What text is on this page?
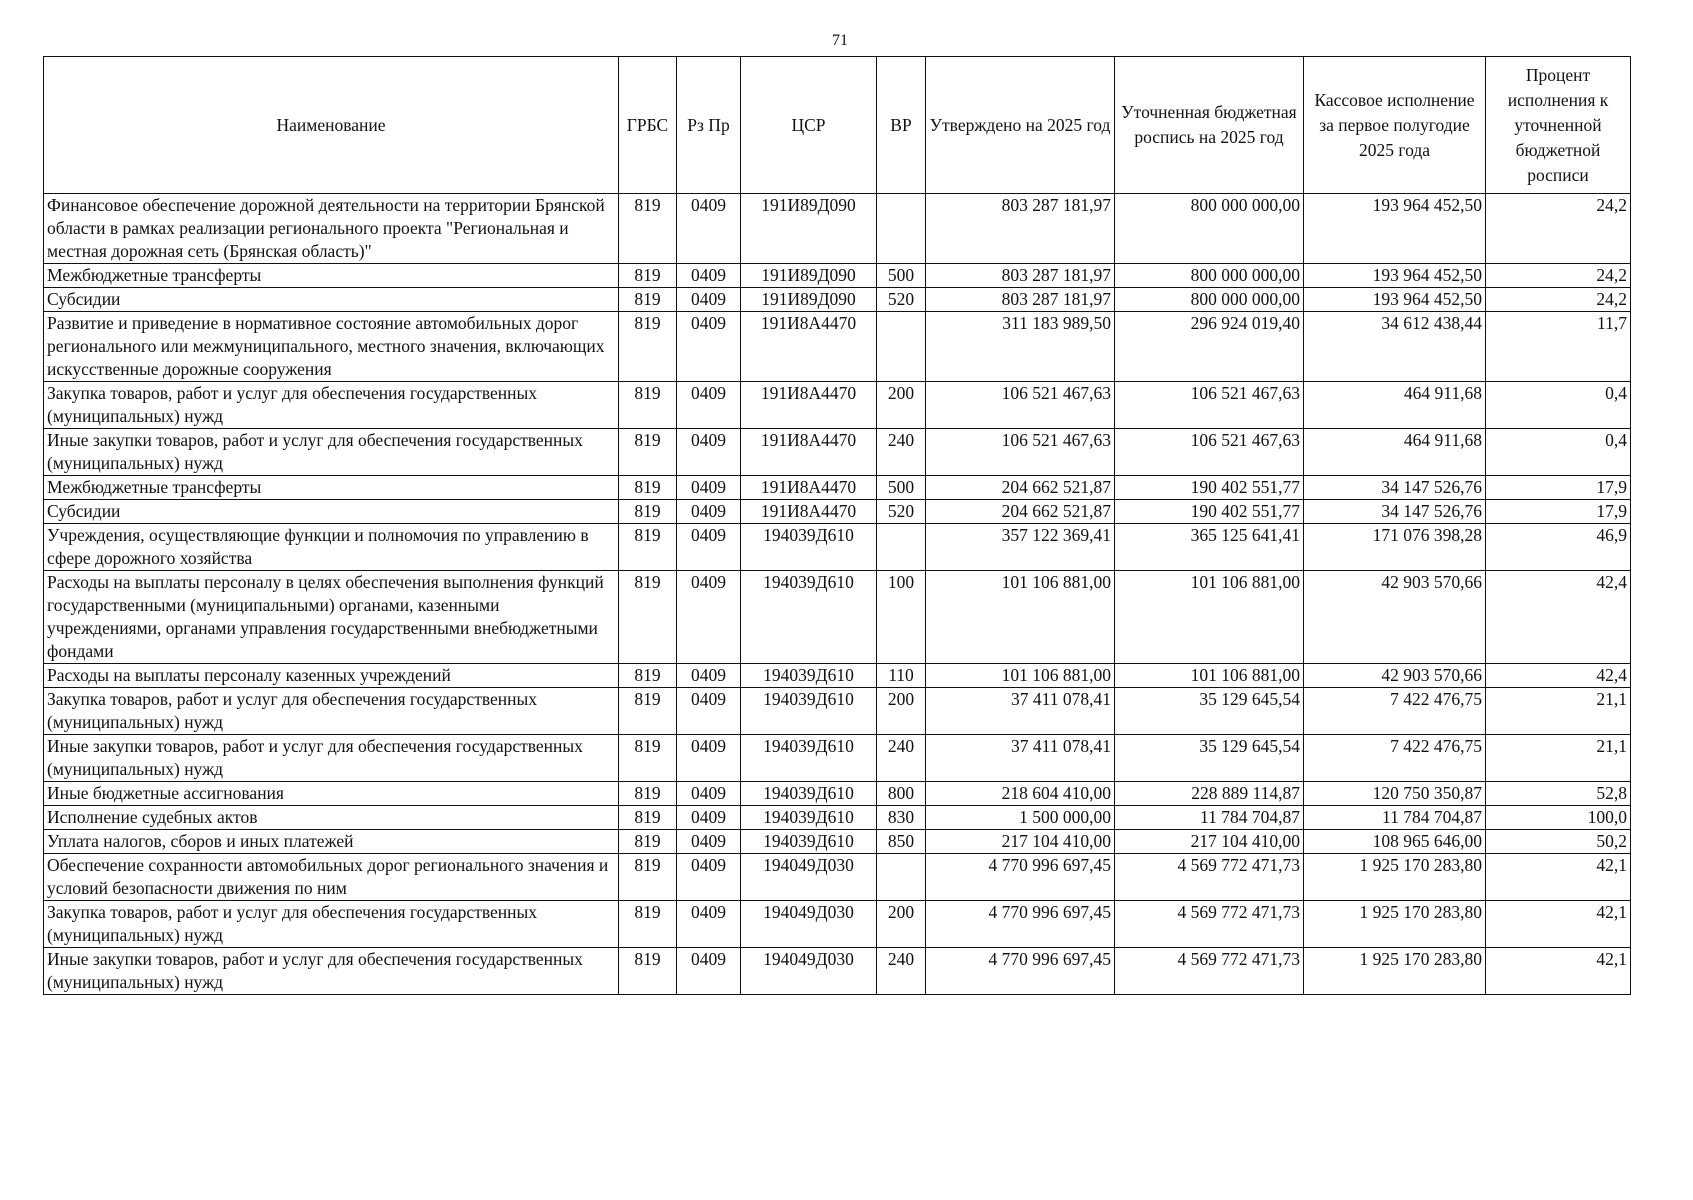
71
Наименование	ГРБС	Рз Пр	ЦСР	ВР	Утверждено на 2025 год	Уточненная бюджетная роспись на 2025 год	Кассовое исполнение за первое полугодие 2025 года	Процент исполнения к уточненной бюджетной росписи
Финансовое обеспечение дорожной деятельности на территории Брянской области в рамках реализации регионального проекта "Региональная и местная дорожная сеть (Брянская область)"	819	0409	191И89Д090		803 287 181,97	800 000 000,00	193 964 452,50	24,2
Межбюджетные трансферты	819	0409	191И89Д090	500	803 287 181,97	800 000 000,00	193 964 452,50	24,2
Субсидии	819	0409	191И89Д090	520	803 287 181,97	800 000 000,00	193 964 452,50	24,2
Развитие и приведение в нормативное состояние автомобильных дорог регионального или межмуниципального, местного значения, включающих искусственные дорожные сооружения	819	0409	191И8А4470		311 183 989,50	296 924 019,40	34 612 438,44	11,7
Закупка товаров, работ и услуг для обеспечения государственных (муниципальных) нужд	819	0409	191И8А4470	200	106 521 467,63	106 521 467,63	464 911,68	0,4
Иные закупки товаров, работ и услуг для обеспечения государственных (муниципальных) нужд	819	0409	191И8А4470	240	106 521 467,63	106 521 467,63	464 911,68	0,4
Межбюджетные трансферты	819	0409	191И8А4470	500	204 662 521,87	190 402 551,77	34 147 526,76	17,9
Субсидии	819	0409	191И8А4470	520	204 662 521,87	190 402 551,77	34 147 526,76	17,9
Учреждения, осуществляющие функции и полномочия по управлению в сфере дорожного хозяйства	819	0409	194039Д610		357 122 369,41	365 125 641,41	171 076 398,28	46,9
Расходы на выплаты персоналу в целях обеспечения выполнения функций государственными (муниципальными) органами, казенными учреждениями, органами управления государственными внебюджетными фондами	819	0409	194039Д610	100	101 106 881,00	101 106 881,00	42 903 570,66	42,4
Расходы на выплаты персоналу казенных учреждений	819	0409	194039Д610	110	101 106 881,00	101 106 881,00	42 903 570,66	42,4
Закупка товаров, работ и услуг для обеспечения государственных (муниципальных) нужд	819	0409	194039Д610	200	37 411 078,41	35 129 645,54	7 422 476,75	21,1
Иные закупки товаров, работ и услуг для обеспечения государственных (муниципальных) нужд	819	0409	194039Д610	240	37 411 078,41	35 129 645,54	7 422 476,75	21,1
Иные бюджетные ассигнования	819	0409	194039Д610	800	218 604 410,00	228 889 114,87	120 750 350,87	52,8
Исполнение судебных актов	819	0409	194039Д610	830	1 500 000,00	11 784 704,87	11 784 704,87	100,0
Уплата налогов, сборов и иных платежей	819	0409	194039Д610	850	217 104 410,00	217 104 410,00	108 965 646,00	50,2
Обеспечение сохранности автомобильных дорог регионального значения и условий безопасности движения по ним	819	0409	194049Д030		4 770 996 697,45	4 569 772 471,73	1 925 170 283,80	42,1
Закупка товаров, работ и услуг для обеспечения государственных (муниципальных) нужд	819	0409	194049Д030	200	4 770 996 697,45	4 569 772 471,73	1 925 170 283,80	42,1
Иные закупки товаров, работ и услуг для обеспечения государственных (муниципальных) нужд	819	0409	194049Д030	240	4 770 996 697,45	4 569 772 471,73	1 925 170 283,80	42,1
